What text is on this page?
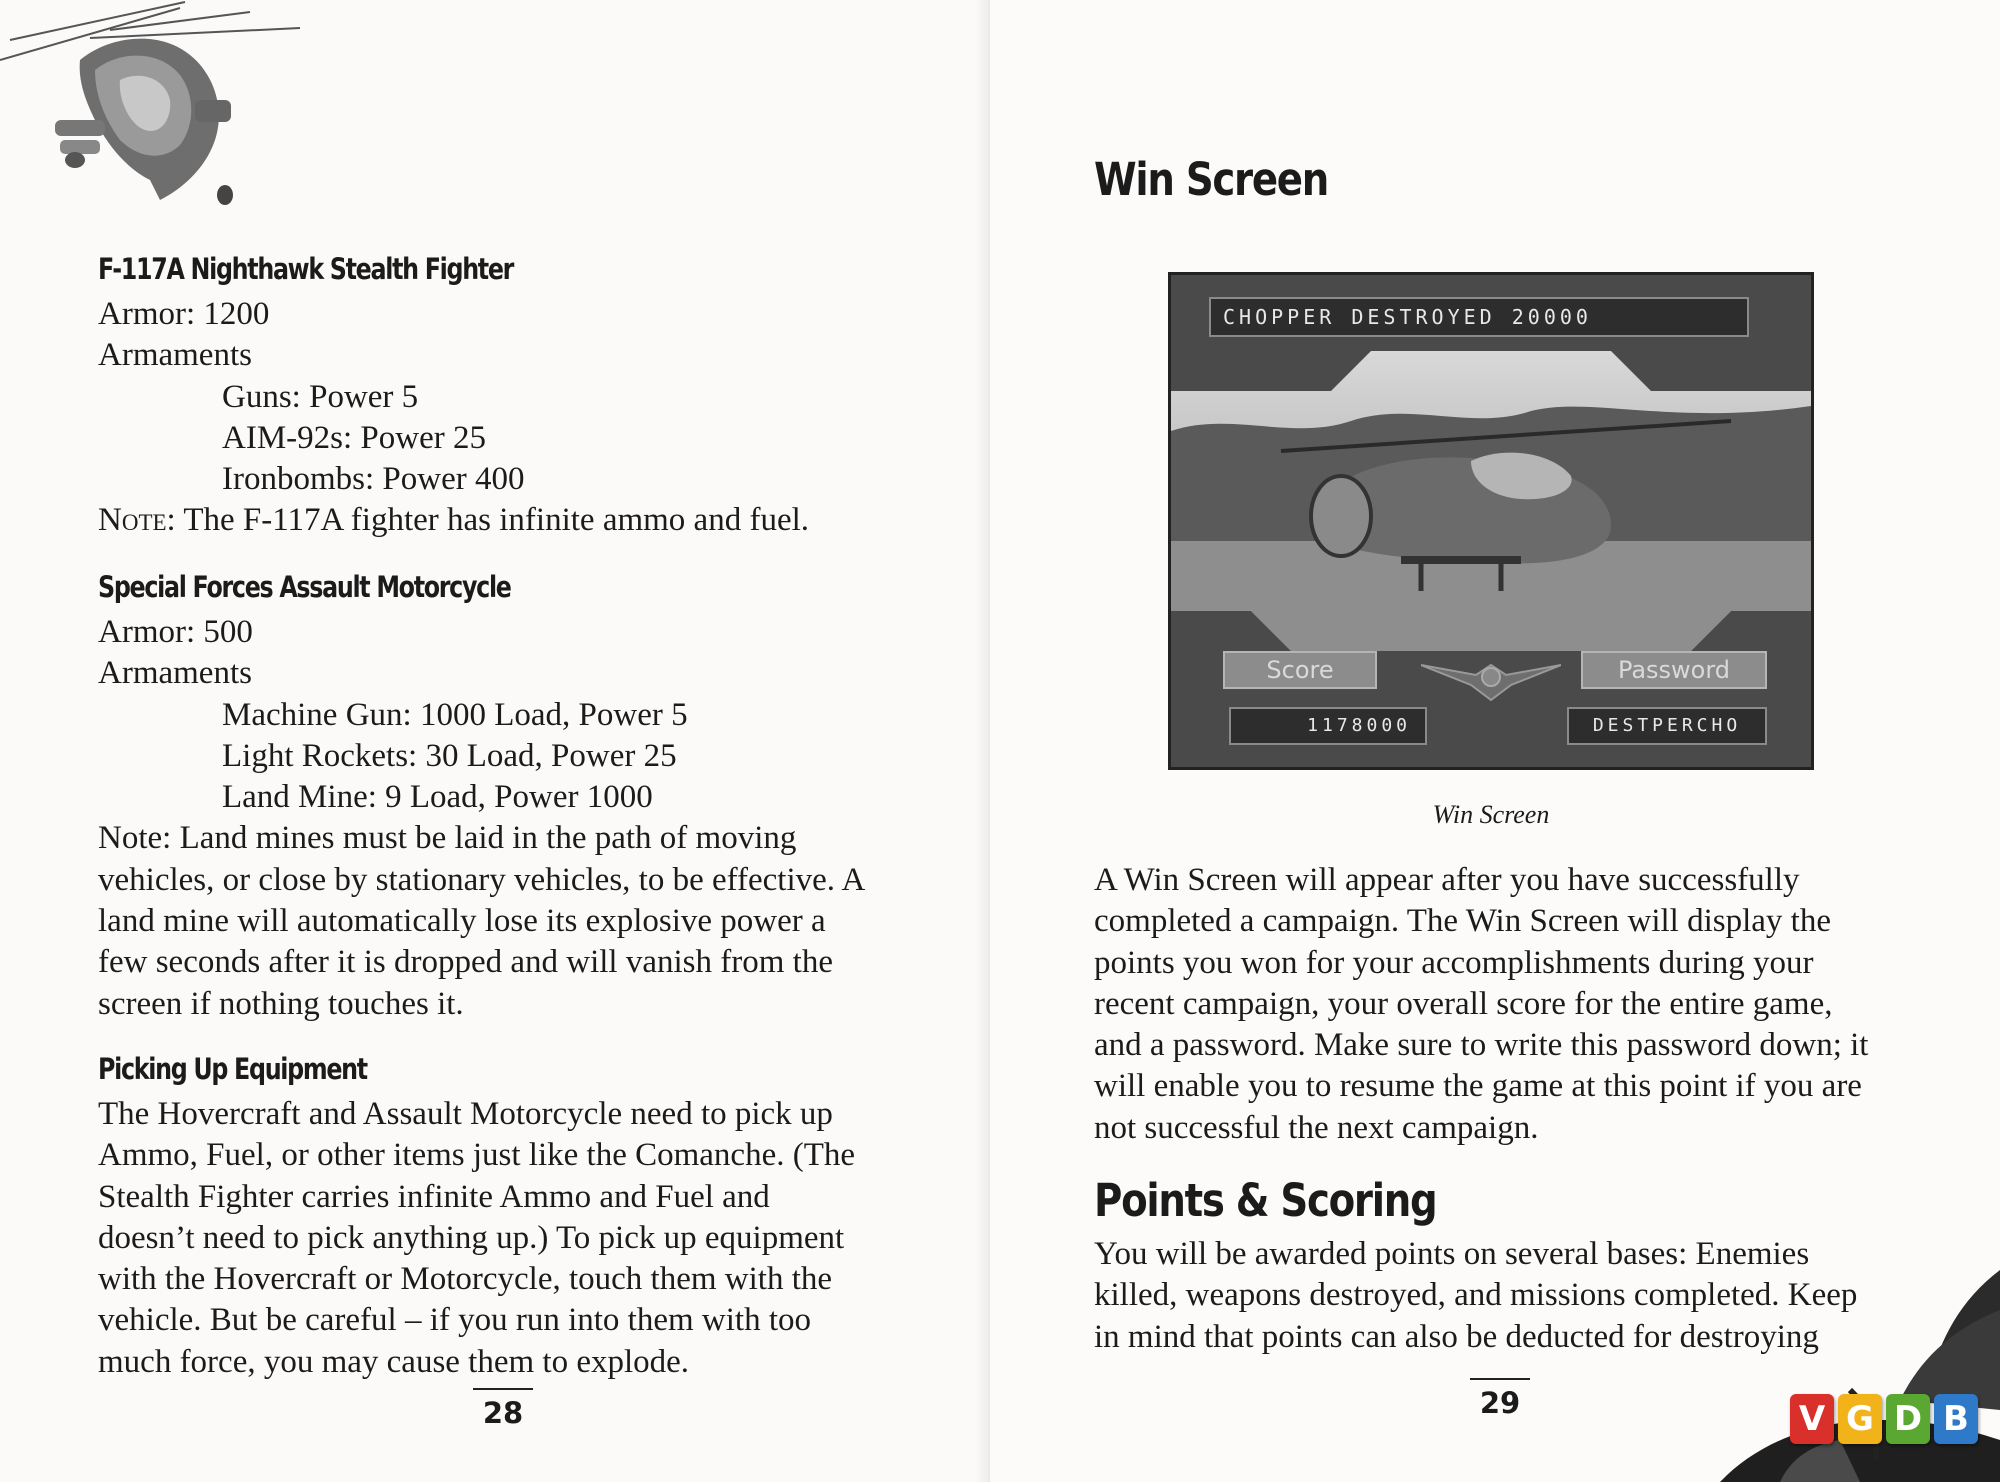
F-117A Nighthawk Stealth Fighter
Armor: 1200
Armaments
Guns: Power 5
AIM-92s: Power 25
Ironbombs: Power 400
Note: The F-117A fighter has infinite ammo and fuel.
Special Forces Assault Motorcycle
Armor: 500
Armaments
Machine Gun: 1000 Load, Power 5
Light Rockets: 30 Load, Power 25
Land Mine: 9 Load, Power 1000
Note: Land mines must be laid in the path of moving
vehicles, or close by stationary vehicles, to be effective. A
land mine will automatically lose its explosive power a
few seconds after it is dropped and will vanish from the
screen if nothing touches it.
Picking Up Equipment
The Hovercraft and Assault Motorcycle need to pick up
Ammo, Fuel, or other items just like the Comanche. (The
Stealth Fighter carries infinite Ammo and Fuel and
doesn’t need to pick anything up.) To pick up equipment
with the Hovercraft or Motorcycle, touch them with the
vehicle. But be careful – if you run into them with too
much force, you may cause them to explode.
28
Win Screen
CHOPPER DESTROYED 20000
Score	Password
1178000	DESTPERCHO
Win Screen
A Win Screen will appear after you have successfully
completed a campaign. The Win Screen will display the
points you won for your accomplishments during your
recent campaign, your overall score for the entire game,
and a password. Make sure to write this password down; it
will enable you to resume the game at this point if you are
not successful the next campaign.
Points & Scoring
You will be awarded points on several bases: Enemies
killed, weapons destroyed, and missions completed. Keep
in mind that points can also be deducted for destroying
29	V G D B
